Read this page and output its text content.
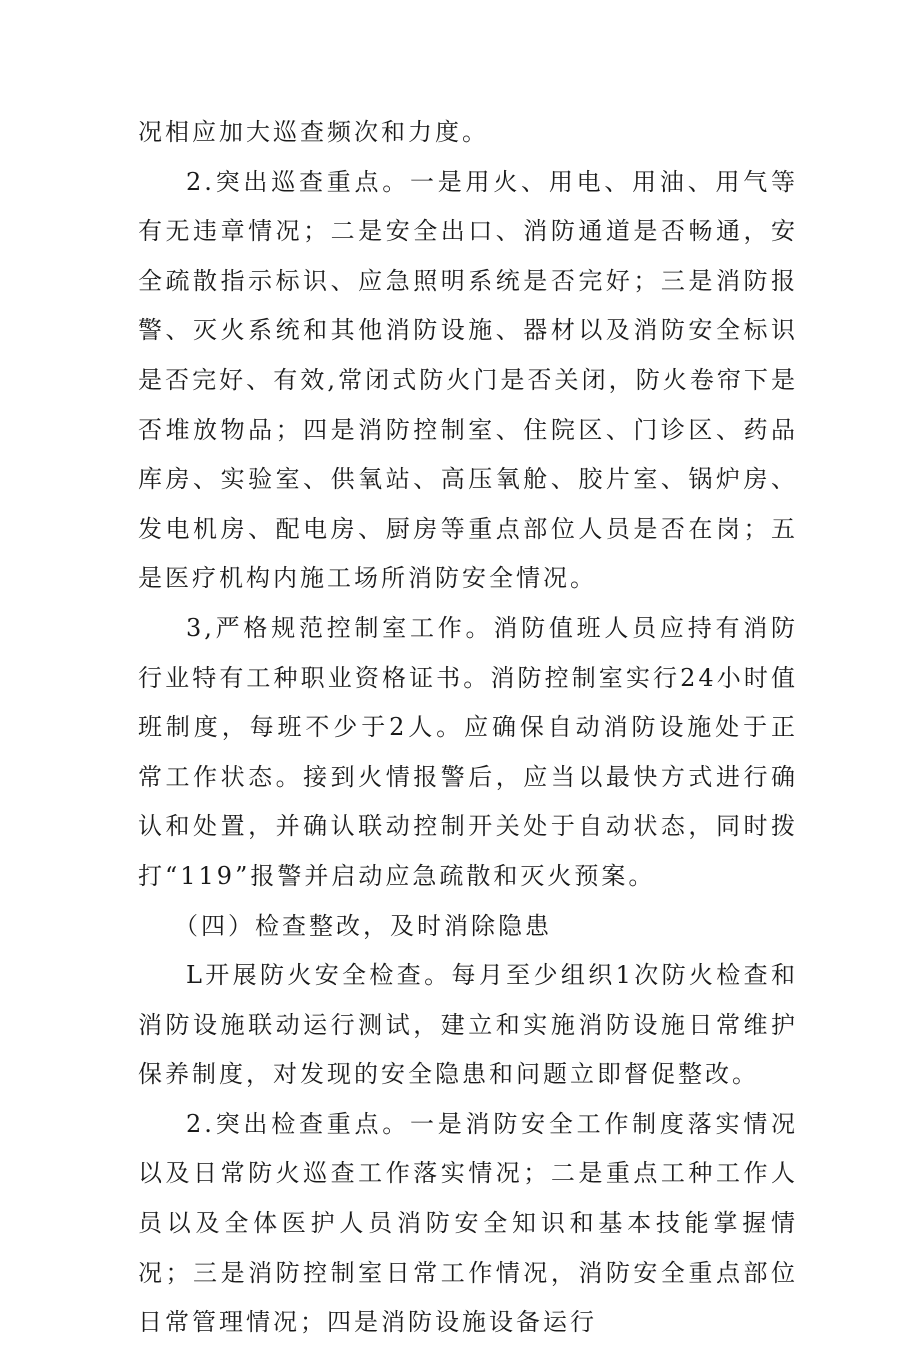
况相应加大巡查频次和力度。

2.突出巡查重点。一是用火、用电、用油、用气等有无违章情况；二是安全出口、消防通道是否畅通，安全疏散指示标识、应急照明系统是否完好；三是消防报警、灭火系统和其他消防设施、器材以及消防安全标识是否完好、有效,常闭式防火门是否关闭，防火卷帘下是否堆放物品；四是消防控制室、住院区、门诊区、药品库房、实验室、供氧站、高压氧舱、胶片室、锅炉房、发电机房、配电房、厨房等重点部位人员是否在岗；五是医疗机构内施工场所消防安全情况。

3,严格规范控制室工作。消防值班人员应持有消防行业特有工种职业资格证书。消防控制室实行24小时值班制度，每班不少于2人。应确保自动消防设施处于正常工作状态。接到火情报警后，应当以最快方式进行确认和处置，并确认联动控制开关处于自动状态，同时拨打“119”报警并启动应急疏散和灭火预案。

（四）检查整改，及时消除隐患

L开展防火安全检查。每月至少组织1次防火检查和消防设施联动运行测试，建立和实施消防设施日常维护保养制度，对发现的安全隐患和问题立即督促整改。

2.突出检查重点。一是消防安全工作制度落实情况以及日常防火巡查工作落实情况；二是重点工种工作人员以及全体医护人员消防安全知识和基本技能掌握情况；三是消防控制室日常工作情况，消防安全重点部位日常管理情况；四是消防设施设备运行
